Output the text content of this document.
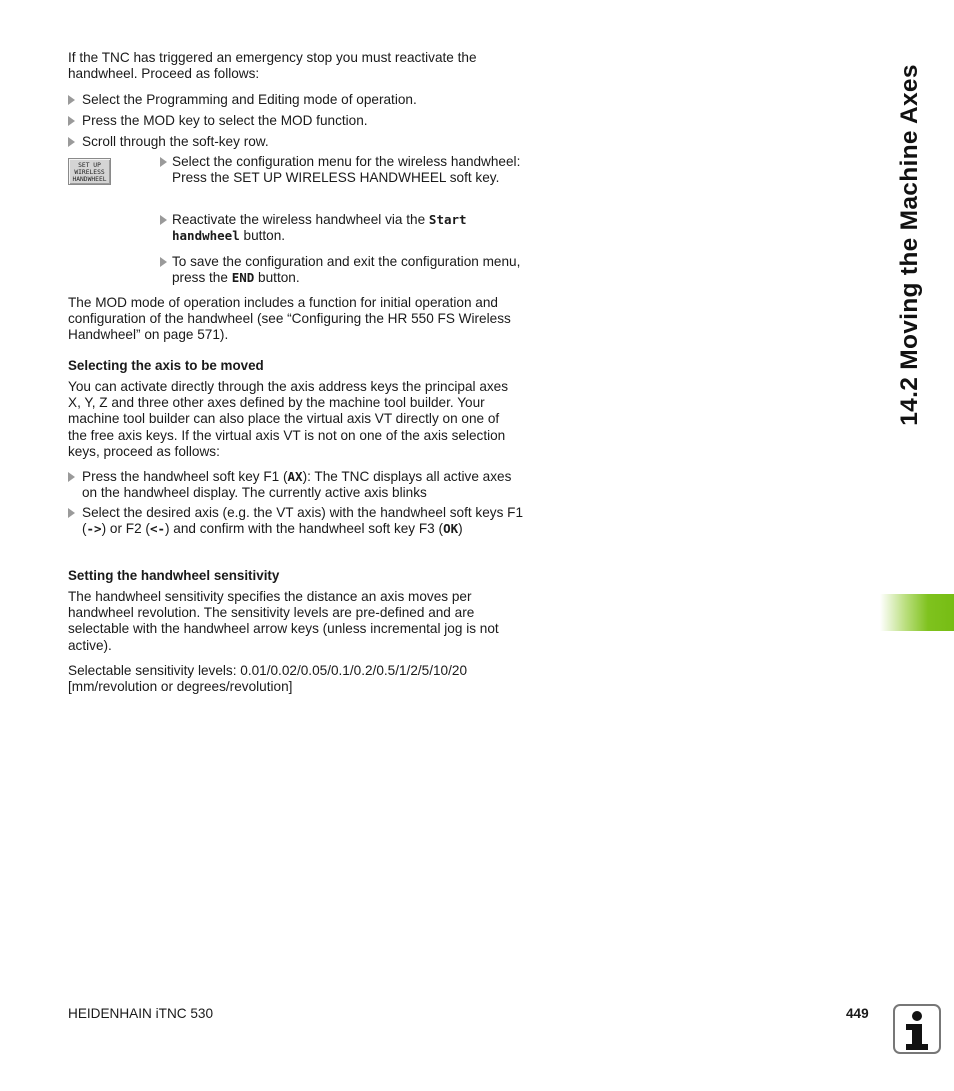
If the TNC has triggered an emergency stop you must reactivate the handwheel. Proceed as follows:

Select the Programming and Editing mode of operation.
Press the MOD key to select the MOD function.
Scroll through the soft-key row.
SET UP
WIRELESS
HANDWHEEL
Select the configuration menu for the wireless handwheel: Press the SET UP WIRELESS HANDWHEEL soft key.
Reactivate the wireless handwheel via the Start handwheel button.
To save the configuration and exit the configuration menu, press the END button.

The MOD mode of operation includes a function for initial operation and configuration of the handwheel (see “Configuring the HR 550 FS Wireless Handwheel” on page 571).

Selecting the axis to be moved

You can activate directly through the axis address keys the principal axes X, Y, Z and three other axes defined by the machine tool builder. Your machine tool builder can also place the virtual axis VT directly on one of the free axis keys. If the virtual axis VT is not on one of the axis selection keys, proceed as follows:

Press the handwheel soft key F1 (AX): The TNC displays all active axes on the handwheel display. The currently active axis blinks
Select the desired axis (e.g. the VT axis) with the handwheel soft keys F1 (->) or F2 (<-) and confirm with the handwheel soft key F3 (OK)
Setting the handwheel sensitivity

The handwheel sensitivity specifies the distance an axis moves per handwheel revolution. The sensitivity levels are pre-defined and are selectable with the handwheel arrow keys (unless incremental jog is not active).

Selectable sensitivity levels: 0.01/0.02/0.05/0.1/0.2/0.5/1/2/5/10/20 [mm/revolution or degrees/revolution]

14.2 Moving the Machine Axes
HEIDENHAIN iTNC 530	449
